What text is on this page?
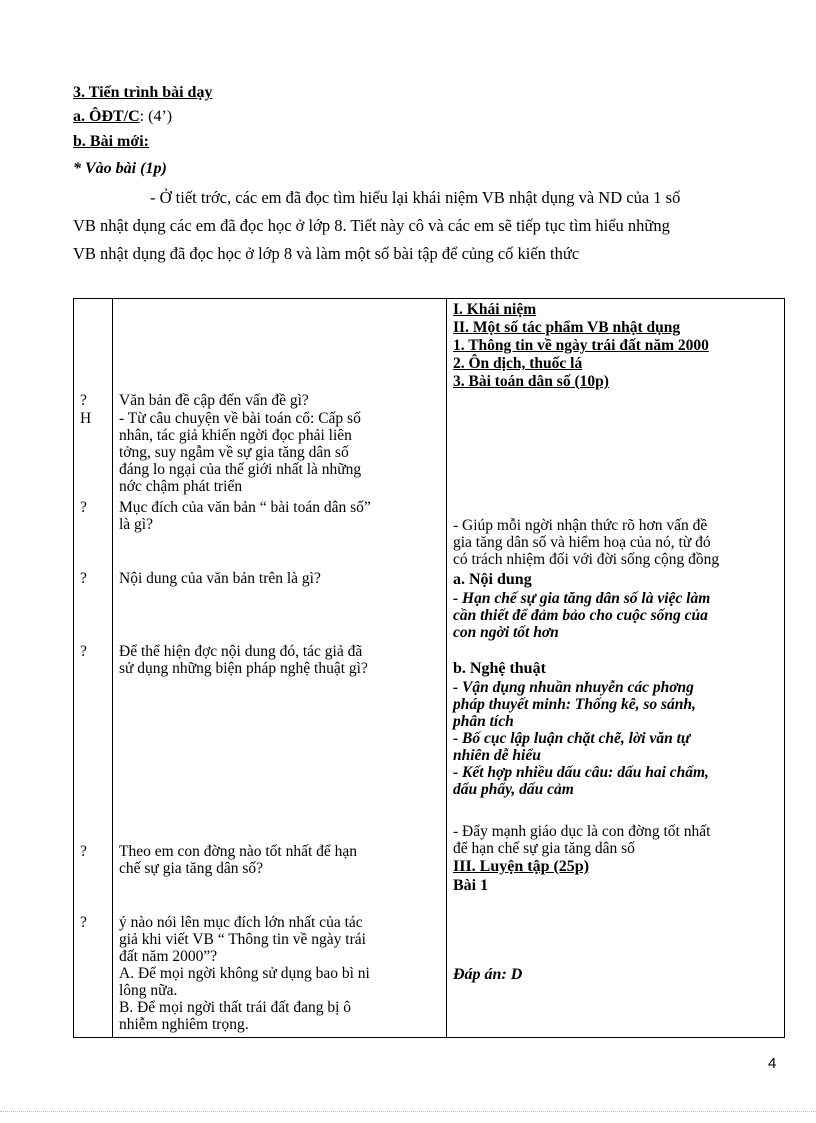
3. Tiến trình bài dạy
a. ÔĐT/C: (4’)
b. Bài mới:
* Vào bài (1p)
- Ở tiết trớc, các em đã đọc tìm hiểu lại khái niệm VB nhật dụng và ND của 1 số
VB nhật dụng các em đã đọc học ở lớp 8. Tiết này cô và các em sẽ tiếp tục tìm hiểu những
VB nhật dụng đã đọc học ở lớp 8 và làm một số bài tập để củng cố kiến thức
I. Khái niệm
II. Một số tác phẩm VB nhật dụng
1. Thông tin về ngày trái đất năm 2000
2. Ôn dịch, thuốc lá
3. Bài toán dân số (10p)
?
H
?
?
?
?
?
Văn bản đề cập đến vấn đề gì?
- Từ câu chuyện về bài toán cổ: Cấp số
nhân, tác giả khiến ngời đọc phải liên
tởng, suy ngẫm về sự gia tăng dân số
đáng lo ngại của thế giới nhất là những
nớc chậm phát triển
Mục đích của văn bản “ bài toán dân số”
là gì?
Nội dung của văn bản trên là gì?
Để thể hiện đợc nội dung đó, tác giả đã
sử dụng những biện pháp nghệ thuật gì?
Theo em con đờng nào tốt nhất để hạn
chế sự gia tăng dân số?
ý nào nói lên mục đích lớn nhất của tác
giả khi viết VB “ Thông tin về ngày trái
đất năm 2000”?
A. Để mọi ngời không sử dụng bao bì ni
lông nữa.
B. Để mọi ngời thất trái đất đang bị ô
nhiễm nghiêm trọng.
- Giúp mỗi ngời nhận thức rõ hơn vấn đề
gia tăng dân số và hiểm hoạ của nó, từ đó
có trách nhiệm đối với đời sống cộng đồng
a. Nội dung
- Hạn chế sự gia tăng dân số là việc làm
cần thiết để đảm bảo cho cuộc sống của
con ngời tốt hơn
b. Nghệ thuật
- Vận dụng nhuần nhuyễn các phơng
pháp thuyết minh: Thống kê, so sánh,
phân tích
- Bố cục lập luận chặt chẽ, lời văn tự
nhiên dễ hiểu
- Kết hợp nhiều dấu câu: dấu hai chấm,
dấu phẩy, dấu cảm
- Đẩy mạnh giáo dục là con đờng tốt nhất
để hạn chế sự gia tăng dân số
III. Luyện tập (25p)
Bài 1
Đáp án: D
4
